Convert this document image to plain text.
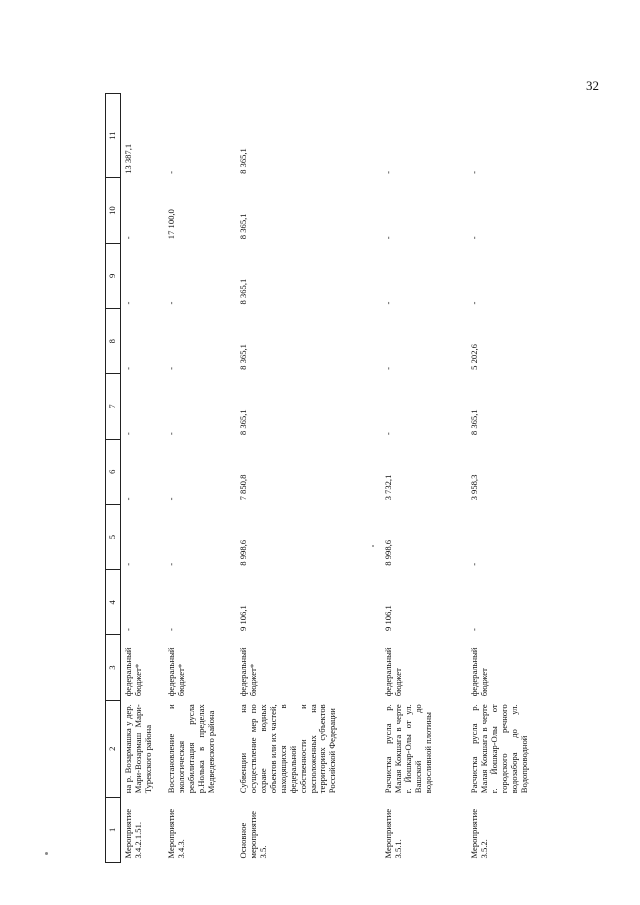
32
1	2	3	4	5	6	7	8	9	10	11
Мероприятие 3.4.2.1.51.	на р. Возармашка у дер. Мари-Возармаш Мари-Турекского района	федеральный бюджет*	-	-	-	-	-	-	-	13 387,1
Мероприятие 3.4.3.	Восстановление и экологическая реабилитация русла р.Нолька в пределах Медведевского района	федеральный бюджет*	-	-	-	-	-	-	17 100,0	-
Основное мероприятие 3.5.	Субвенции на осуществление мер по охране водных объектов или их частей, находящихся в федеральной собственности и расположенных на территориях субъектов Российской Федерации	федеральный бюджет*	9 106,1	8 998,6	7 850,8	8 365,1	8 365,1	8 365,1	8 365,1	8 365,1
Мероприятие 3.5.1.	Расчистка русла р. Малая Кокшага в черте г. Йошкар-Олы от ул. Вашской до водосливной плотины	федеральный бюджет	9 106,1	8 998,6	3 732,1	-	-	-	-	-
Мероприятие 3.5.2.	Расчистка русла р. Малая Кокшага в черте г. Йошкар-Олы от городского речного водозабора до ул. Водопроводной	федеральный бюджет	-	-	3 958,3	8 365,1	5 202,6	-	-	-
